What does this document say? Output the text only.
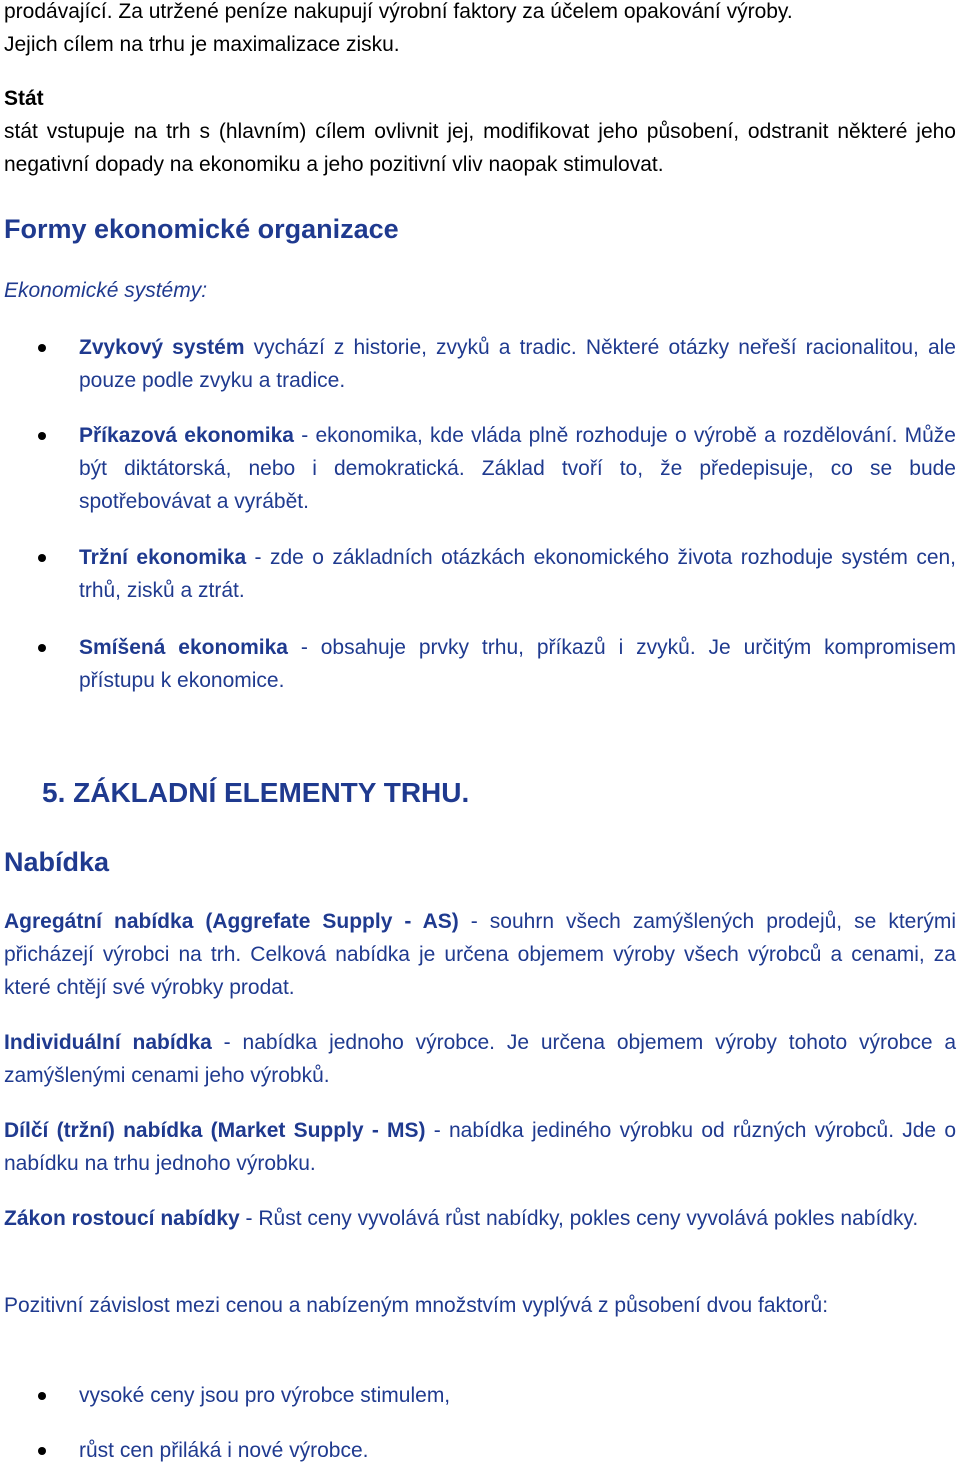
prodávající. Za utržené peníze nakupují výrobní faktory za účelem opakování výroby.

Jejich cílem na trhu je maximalizace zisku.

Stát

stát vstupuje na trh s (hlavním) cílem ovlivnit jej, modifikovat jeho působení, odstranit některé jeho negativní dopady na ekonomiku a jeho pozitivní vliv naopak stimulovat.

Formy ekonomické organizace

Ekonomické systémy:

Zvykový systém vychází z historie, zvyků a tradic. Některé otázky neřeší racionalitou, ale pouze podle zvyku a tradice.
Příkazová ekonomika - ekonomika, kde vláda plně rozhoduje o výrobě a rozdělování. Může být diktátorská, nebo i demokratická. Základ tvoří to, že předepisuje, co se bude spotřebovávat a vyrábět.
Tržní ekonomika - zde o základních otázkách ekonomického života rozhoduje systém cen, trhů, zisků a ztrát.
Smíšená ekonomika - obsahuje prvky trhu, příkazů i zvyků. Je určitým kompromisem přístupu k ekonomice.
5. ZÁKLADNÍ ELEMENTY TRHU.
Nabídka

Agregátní nabídka (Aggrefate Supply - AS) - souhrn všech zamýšlených prodejů, se kterými přicházejí výrobci na trh. Celková nabídka je určena objemem výroby všech výrobců a cenami, za které chtějí své výrobky prodat.

Individuální nabídka - nabídka jednoho výrobce. Je určena objemem výroby tohoto výrobce a zamýšlenými cenami jeho výrobků.

Dílčí (tržní) nabídka (Market Supply - MS) - nabídka jediného výrobku od různých výrobců. Jde o nabídku na trhu jednoho výrobku.

Zákon rostoucí nabídky - Růst ceny vyvolává růst nabídky, pokles ceny vyvolává pokles nabídky.

Pozitivní závislost mezi cenou a nabízeným množstvím vyplývá z působení dvou faktorů:

vysoké ceny jsou pro výrobce stimulem,
růst cen přiláká i nové výrobce.
